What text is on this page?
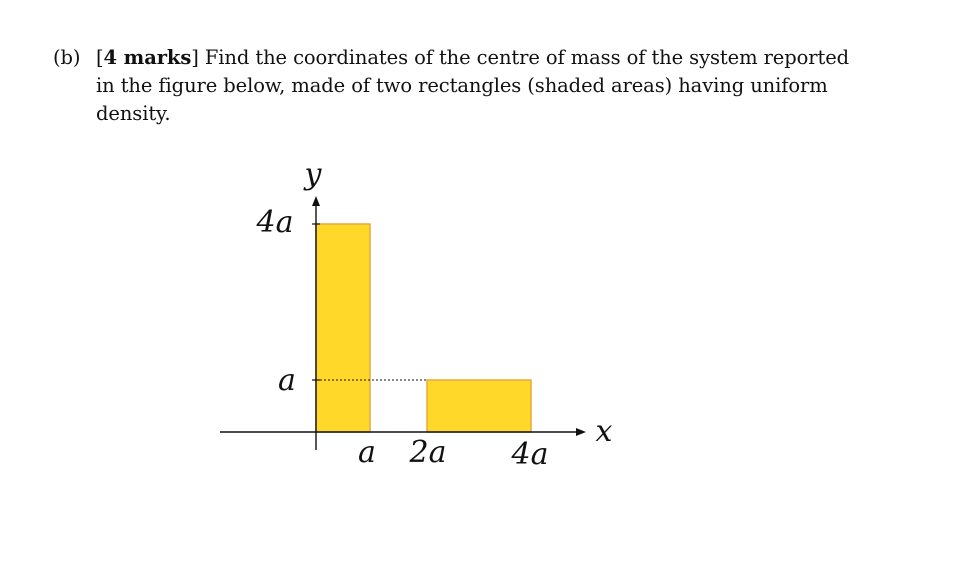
(b) [4 marks] Find the coordinates of the centre of mass of the system reported
in the figure below, made of two rectangles (shaded areas) having uniform
density.
y
x
4a
a
a 2a 4a
